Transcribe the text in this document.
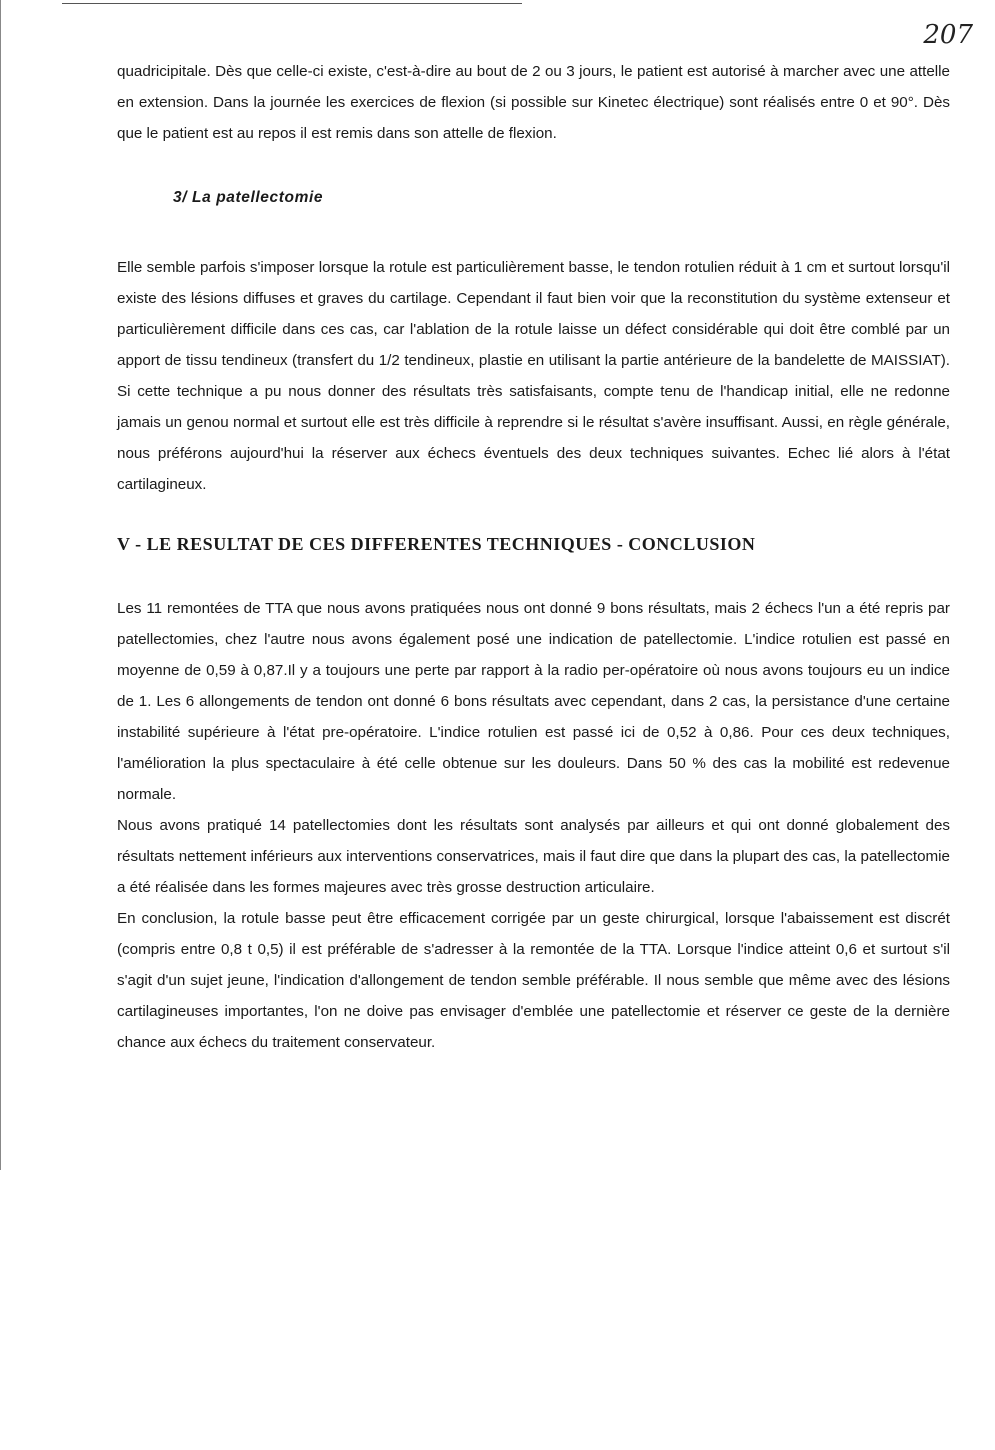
207

quadricipitale. Dès que celle-ci existe, c'est-à-dire au bout de 2 ou 3 jours, le patient est autorisé à marcher avec une attelle en extension. Dans la journée les exercices de flexion (si possible sur Kinetec électrique) sont réalisés entre 0 et 90°. Dès que le patient est au repos il est remis dans son attelle de flexion.

3/ La patellectomie

Elle semble parfois s'imposer lorsque la rotule est particulièrement basse, le tendon rotulien réduit à 1 cm et surtout lorsqu'il existe des lésions diffuses et graves du cartilage. Cependant il faut bien voir que la reconstitution du système extenseur et particulièrement difficile dans ces cas, car l'ablation de la rotule laisse un défect considérable qui doit être comblé par un apport de tissu tendineux (transfert du 1/2 tendineux, plastie en utilisant la partie antérieure de la bandelette de MAISSIAT). Si cette technique a pu nous donner des résultats très satisfaisants, compte tenu de l'handicap initial, elle ne redonne jamais un genou normal et surtout elle est très difficile à reprendre si le résultat s'avère insuffisant. Aussi, en règle générale, nous préférons aujourd'hui la réserver aux échecs éventuels des deux techniques suivantes. Echec lié alors à l'état cartilagineux.

V - LE RESULTAT DE CES DIFFERENTES TECHNIQUES - CONCLUSION

Les 11 remontées de TTA que nous avons pratiquées nous ont donné 9 bons résultats, mais 2 échecs l'un a été repris par patellectomies, chez l'autre nous avons également posé une indication de patellectomie. L'indice rotulien est passé en moyenne de 0,59 à 0,87.Il y a toujours une perte par rapport à la radio per-opératoire où nous avons toujours eu un indice de 1. Les 6 allongements de tendon ont donné 6 bons résultats avec cependant, dans 2 cas, la persistance d'une certaine instabilité supérieure à l'état pre-opératoire. L'indice rotulien est passé ici de 0,52 à 0,86. Pour ces deux techniques, l'amélioration la plus spectaculaire à été celle obtenue sur les douleurs. Dans 50 % des cas la mobilité est redevenue normale.

Nous avons pratiqué 14 patellectomies dont les résultats sont analysés par ailleurs et qui ont donné globalement des résultats nettement inférieurs aux interventions conservatrices, mais il faut dire que dans la plupart des cas, la patellectomie a été réalisée dans les formes majeures avec très grosse destruction articulaire.

En conclusion, la rotule basse peut être efficacement corrigée par un geste chirurgical, lorsque l'abaissement est discrét (compris entre 0,8 t 0,5) il est préférable de s'adresser à la remontée de la TTA. Lorsque l'indice atteint 0,6 et surtout s'il s'agit d'un sujet jeune, l'indication d'allongement de tendon semble préférable. Il nous semble que même avec des lésions cartilagineuses importantes, l'on ne doive pas envisager d'emblée une patellectomie et réserver ce geste de la dernière chance aux échecs du traitement conservateur.
